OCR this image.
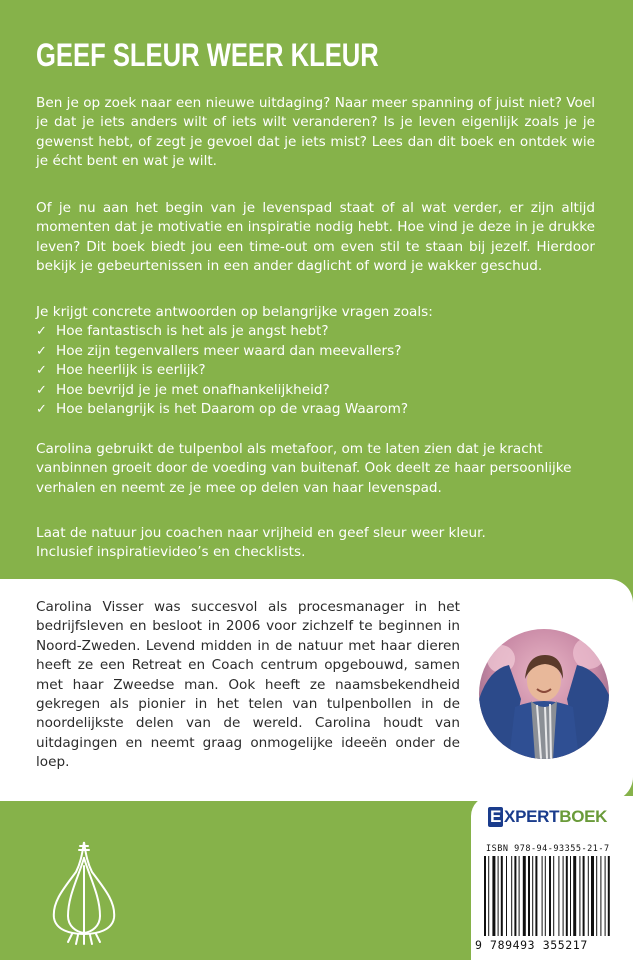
GEEF SLEUR WEER KLEUR

Ben je op zoek naar een nieuwe uitdaging? Naar meer spanning of juist niet? Voel je dat je iets anders wilt of iets wilt veranderen? Is je leven eigenlijk zoals je je gewenst hebt, of zegt je gevoel dat je iets mist? Lees dan dit boek en ontdek wie je écht bent en wat je wilt.

Of je nu aan het begin van je levenspad staat of al wat verder, er zijn altijd momenten dat je motivatie en inspiratie nodig hebt. Hoe vind je deze in je drukke leven? Dit boek biedt jou een time-out om even stil te staan bij jezelf. Hierdoor bekijk je gebeurtenissen in een ander daglicht of word je wakker geschud.

Je krijgt concrete antwoorden op belangrijke vragen zoals:
✓ Hoe fantastisch is het als je angst hebt?
✓ Hoe zijn tegenvallers meer waard dan meevallers?
✓ Hoe heerlijk is eerlijk?
✓ Hoe bevrijd je je met onafhankelijkheid?
✓ Hoe belangrijk is het Daarom op de vraag Waarom?

Carolina gebruikt de tulpenbol als metafoor, om te laten zien dat je kracht vanbinnen groeit door de voeding van buitenaf. Ook deelt ze haar persoonlijke verhalen en neemt ze je mee op delen van haar levenspad.

Laat de natuur jou coachen naar vrijheid en geef sleur weer kleur.
Inclusief inspiratievideo’s en checklists.

Carolina Visser was succesvol als procesmanager in het bedrijfsleven en besloot in 2006 voor zichzelf te beginnen in Noord-Zweden. Levend midden in de natuur met haar dieren heeft ze een Retreat en Coach centrum opgebouwd, samen met haar Zweedse man. Ook heeft ze naamsbekendheid gekregen als pionier in het telen van tulpenbollen in de noordelijkste delen van de wereld. Carolina houdt van uitdagingen en neemt graag onmogelijke ideeën onder de loep.

E XPERTBOEK
ISBN 978-94-93355-21-7
9 789493 355217
